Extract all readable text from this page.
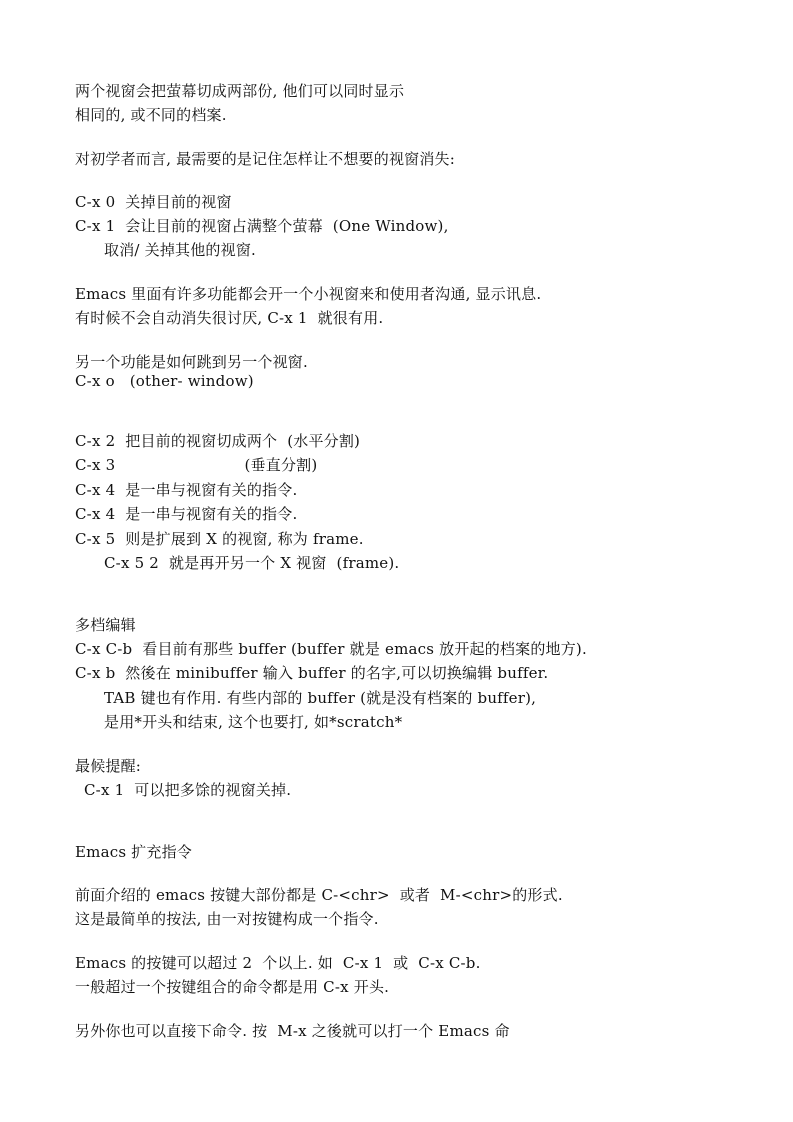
两个视窗会把萤幕切成两部份, 他们可以同时显示
相同的, 或不同的档案.
对初学者而言, 最需要的是记住怎样让不想要的视窗消失:
C-x 0  关掉目前的视窗
C-x 1  会让目前的视窗占满整个萤幕  (One Window),
取消/ 关掉其他的视窗.
Emacs 里面有许多功能都会开一个小视窗来和使用者沟通, 显示讯息.
有时候不会自动消失很讨厌, C-x 1  就很有用.
另一个功能是如何跳到另一个视窗.
C-x o   (other- window)
C-x 2  把目前的视窗切成两个  (水平分割)
C-x 3                          (垂直分割)
C-x 4  是一串与视窗有关的指令.
C-x 4  是一串与视窗有关的指令.
C-x 5  则是扩展到 X 的视窗, 称为 frame.
C-x 5 2  就是再开另一个 X 视窗  (frame).
多档编辑
C-x C-b  看目前有那些 buffer (buffer 就是 emacs 放开起的档案的地方).
C-x b  然後在 minibuffer 输入 buffer 的名字,可以切换编辑 buffer.
TAB 键也有作用. 有些内部的 buffer (就是没有档案的 buffer),
是用*开头和结束, 这个也要打, 如*scratch*
最候提醒:
C-x 1  可以把多馀的视窗关掉.
Emacs 扩充指令
前面介绍的 emacs 按键大部份都是 C-<chr>  或者  M-<chr>的形式.
这是最简单的按法, 由一对按键构成一个指令.
Emacs 的按键可以超过 2  个以上. 如  C-x 1  或  C-x C-b.
一般超过一个按键组合的命令都是用 C-x 开头.
另外你也可以直接下命令. 按  M-x 之後就可以打一个 Emacs 命
